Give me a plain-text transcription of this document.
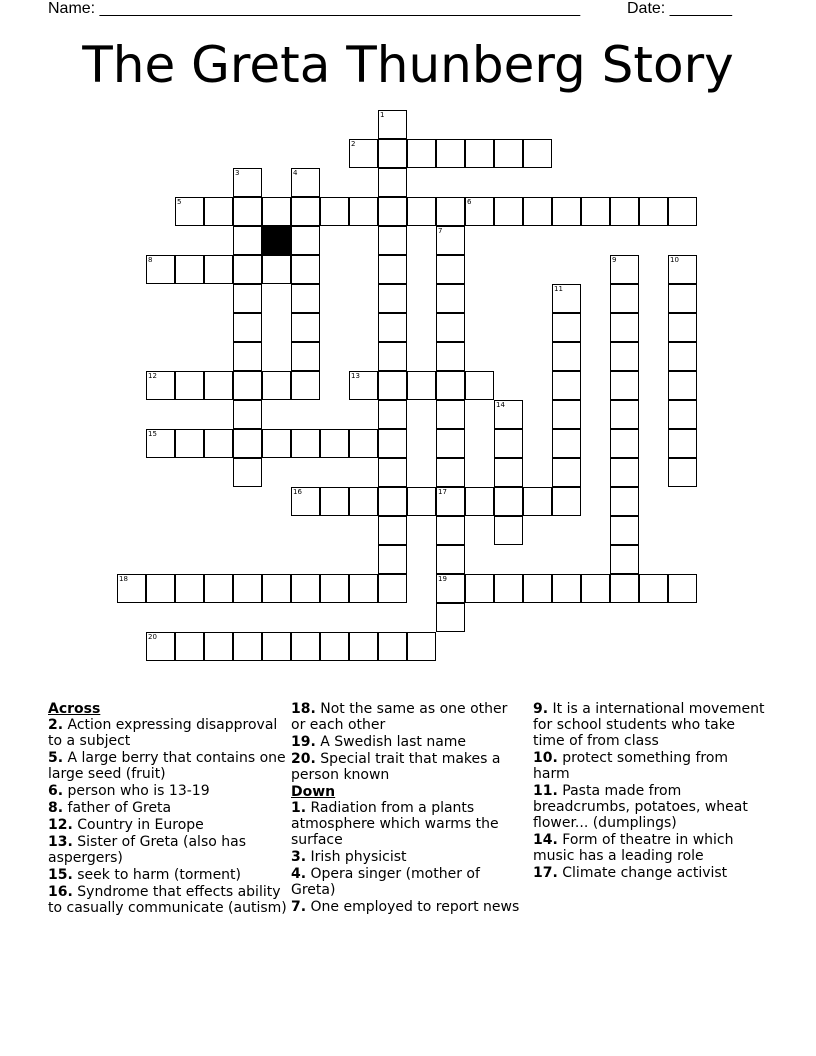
Name: ______________________________________________________	Date: _______
The Greta Thunberg Story
1
2
3	4
5	6
7
8	9	10
11
12	13
14
15
16	17
18	19
20
Across
2. Action expressing disapproval to a subject
5. A large berry that contains one large seed (fruit)
6. person who is 13-19
8. father of Greta
12. Country in Europe
13. Sister of Greta (also has aspergers)
15. seek to harm (torment)
16. Syndrome that effects ability to casually communicate (autism)
18. Not the same as one other or each other
19. A Swedish last name
20. Special trait that makes a person known
Down
1. Radiation from a plants atmosphere which warms the surface
3. Irish physicist
4. Opera singer (mother of Greta)
7. One employed to report news
9. It is a international movement for school students who take time of from class
10. protect something from harm
11. Pasta made from breadcrumbs, potatoes, wheat flower... (dumplings)
14. Form of theatre in which music has a leading role
17. Climate change activist
